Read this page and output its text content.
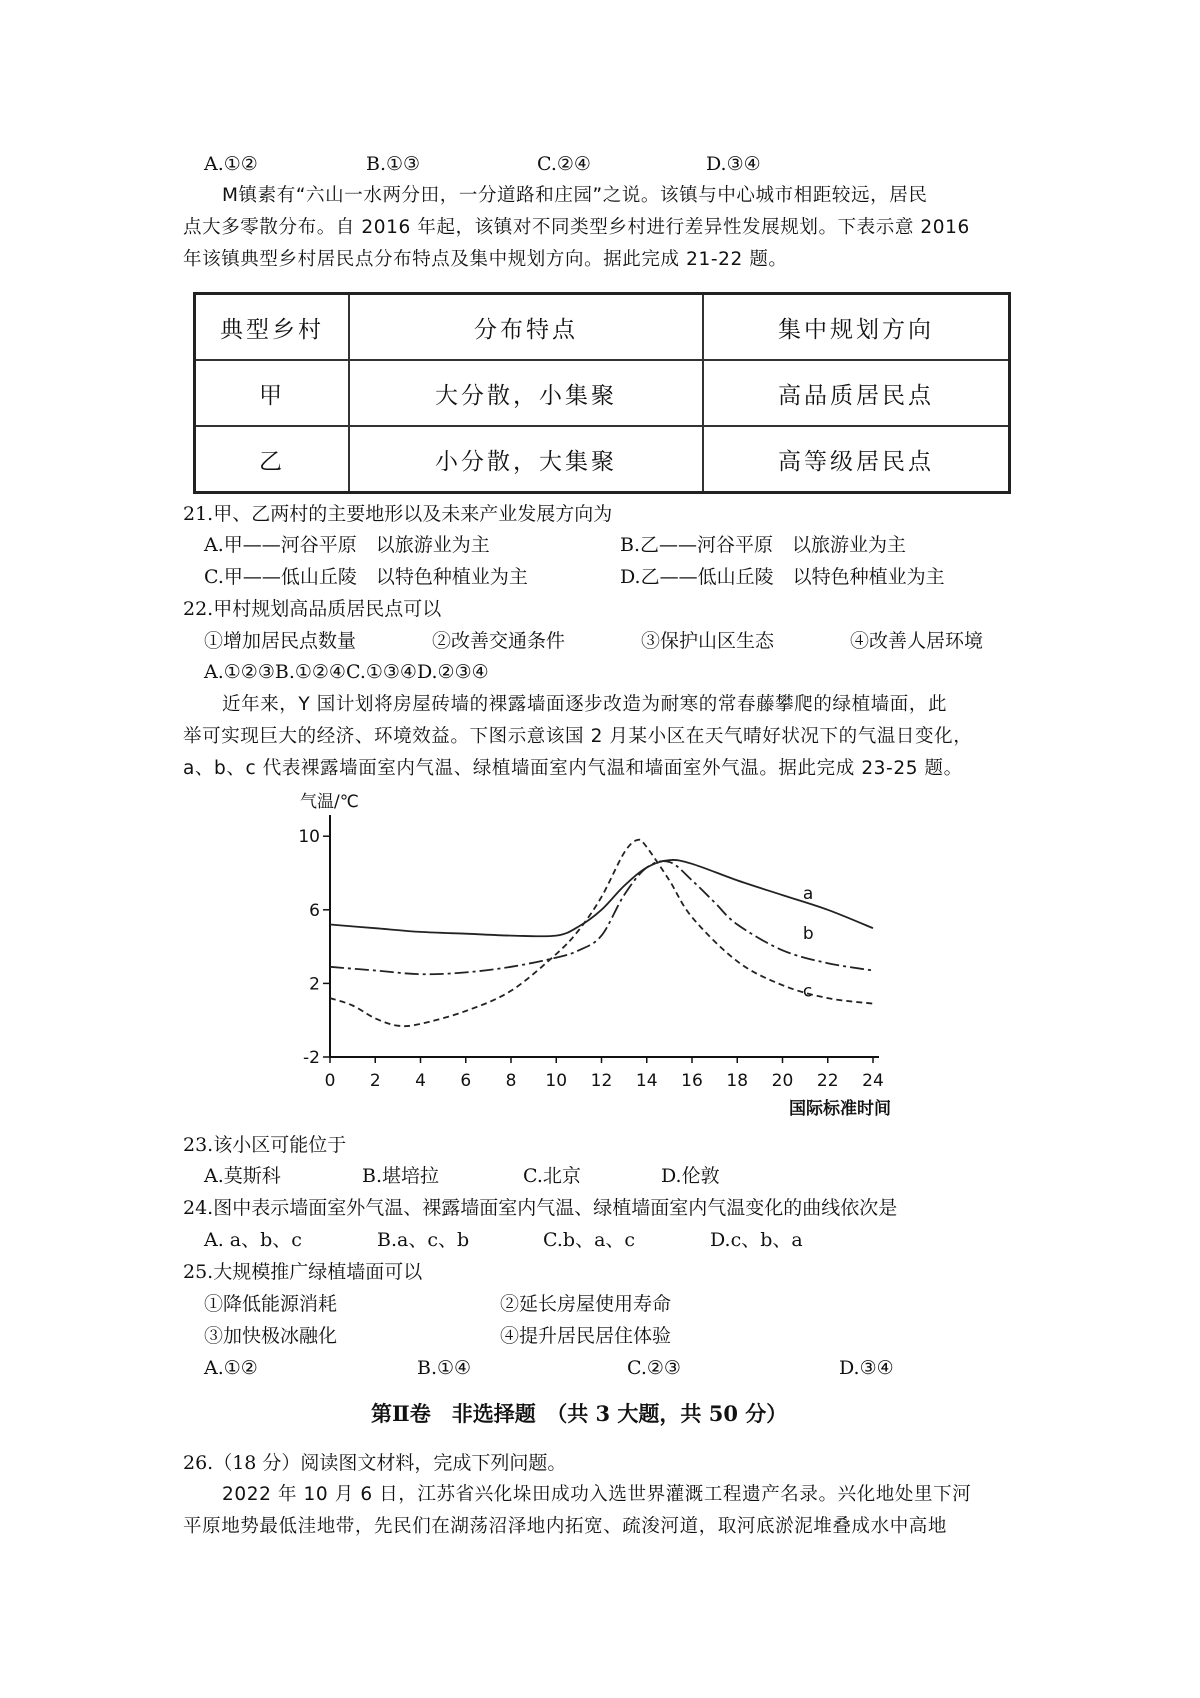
A.①②	B.①③	C.②④	D.③④
M镇素有“六山一水两分田，一分道路和庄园”之说。该镇与中心城市相距较远，居民
点大多零散分布。自 2016 年起，该镇对不同类型乡村进行差异性发展规划。下表示意 2016
年该镇典型乡村居民点分布特点及集中规划方向。据此完成 21-22 题。
典型乡村	分布特点	集中规划方向
甲	大分散，小集聚	高品质居民点
乙	小分散，大集聚	高等级居民点
21.甲、乙两村的主要地形以及未来产业发展方向为
A.甲——河谷平原　以旅游业为主	B.乙——河谷平原　以旅游业为主
C.甲——低山丘陵　以特色种植业为主	D.乙——低山丘陵　以特色种植业为主
22.甲村规划高品质居民点可以
①增加居民点数量	②改善交通条件	③保护山区生态	④改善人居环境
A.①②③B.①②④C.①③④D.②③④
近年来，Y 国计划将房屋砖墙的裸露墙面逐步改造为耐寒的常春藤攀爬的绿植墙面，此
举可实现巨大的经济、环境效益。下图示意该国 2 月某小区在天气晴好状况下的气温日变化，
a、b、c 代表裸露墙面室内气温、绿植墙面室内气温和墙面室外气温。据此完成 23-25 题。
10
6
2
-2
0 2 4 6 8 10 12 14 16 18 20 22 24
气温/℃
国际标准时间
a
b
c
23.该小区可能位于
A.莫斯科	B.堪培拉	C.北京	D.伦敦
24.图中表示墙面室外气温、裸露墙面室内气温、绿植墙面室内气温变化的曲线依次是
A. a、b、c	B.a、c、b	C.b、a、c	D.c、b、a
25.大规模推广绿植墙面可以
①降低能源消耗	②延长房屋使用寿命
③加快极冰融化	④提升居民居住体验
A.①②	B.①④	C.②③	D.③④
第Ⅱ卷　非选择题　（共 3 大题，共 50 分）
26.（18 分）阅读图文材料，完成下列问题。
2022 年 10 月 6 日，江苏省兴化垛田成功入选世界灌溉工程遗产名录。兴化地处里下河
平原地势最低洼地带，先民们在湖荡沼泽地内拓宽、疏浚河道，取河底淤泥堆叠成水中高地
